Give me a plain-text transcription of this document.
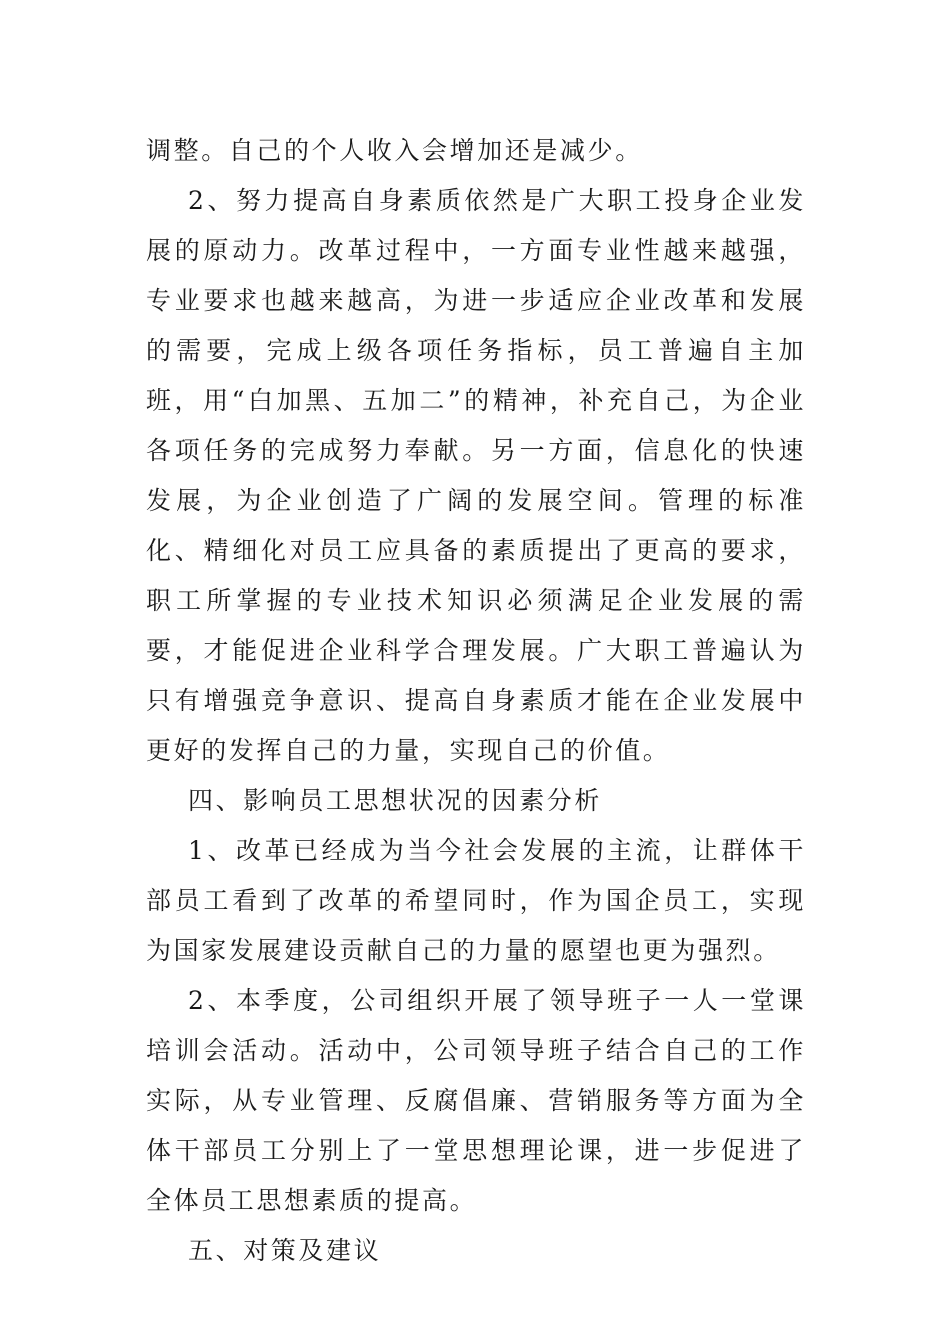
调整。自己的个人收入会增加还是减少。

2、努力提高自身素质依然是广大职工投身企业发展的原动力。改革过程中，一方面专业性越来越强，专业要求也越来越高，为进一步适应企业改革和发展的需要，完成上级各项任务指标，员工普遍自主加班，用“白加黑、五加二”的精神，补充自己，为企业各项任务的完成努力奉献。另一方面，信息化的快速发展，为企业创造了广阔的发展空间。管理的标准化、精细化对员工应具备的素质提出了更高的要求，职工所掌握的专业技术知识必须满足企业发展的需要，才能促进企业科学合理发展。广大职工普遍认为只有增强竞争意识、提高自身素质才能在企业发展中更好的发挥自己的力量，实现自己的价值。

四、影响员工思想状况的因素分析

1、改革已经成为当今社会发展的主流，让群体干部员工看到了改革的希望同时，作为国企员工，实现为国家发展建设贡献自己的力量的愿望也更为强烈。

2、本季度，公司组织开展了领导班子一人一堂课培训会活动。活动中，公司领导班子结合自己的工作实际，从专业管理、反腐倡廉、营销服务等方面为全体干部员工分别上了一堂思想理论课，进一步促进了全体员工思想素质的提高。

五、对策及建议
